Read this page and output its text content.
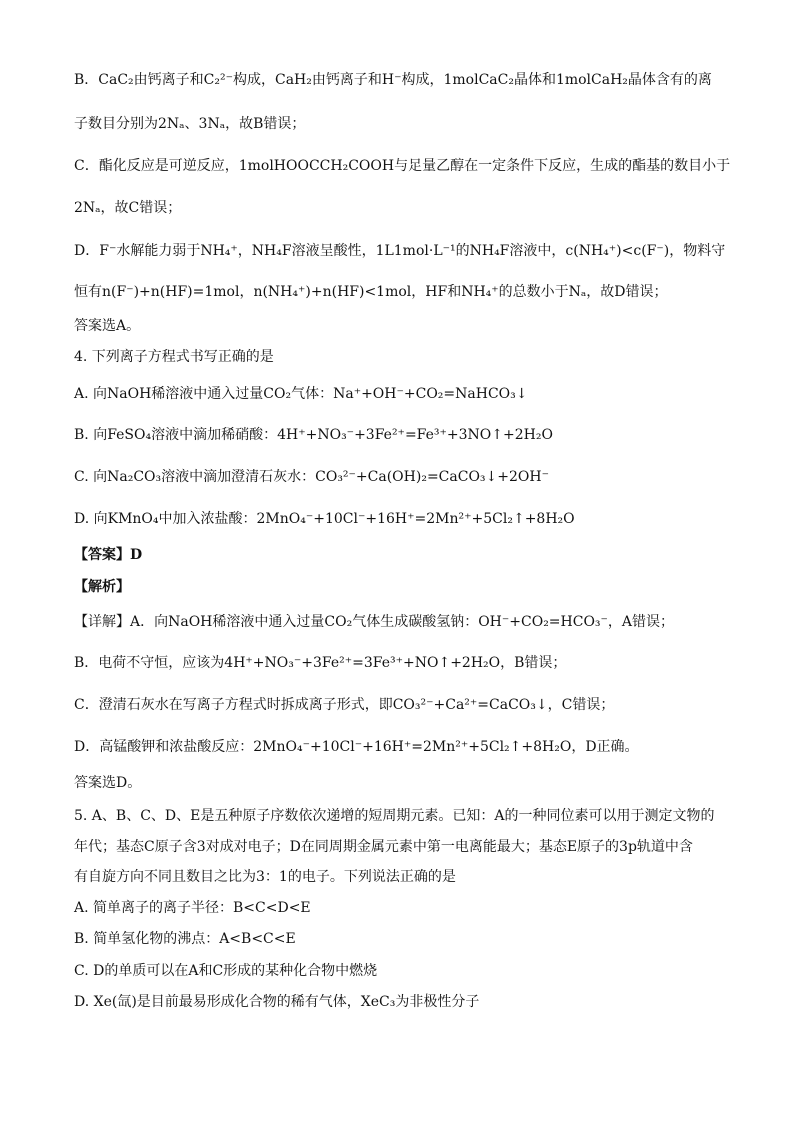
B．CaC₂由钙离子和C₂²⁻构成，CaH₂由钙离子和H⁻构成，1molCaC₂晶体和1molCaH₂晶体含有的离
子数目分别为2Nₐ、3Nₐ，故B错误；
C．酯化反应是可逆反应，1molHOOCCH₂COOH与足量乙醇在一定条件下反应，生成的酯基的数目小于
2Nₐ，故C错误；
D．F⁻水解能力弱于NH₄⁺，NH₄F溶液呈酸性，1L1mol·L⁻¹的NH₄F溶液中，c(NH₄⁺)<c(F⁻)，物料守
恒有n(F⁻)+n(HF)=1mol，n(NH₄⁺)+n(HF)<1mol，HF和NH₄⁺的总数小于Nₐ，故D错误；
答案选A。
4. 下列离子方程式书写正确的是
A. 向NaOH稀溶液中通入过量CO₂气体：Na⁺+OH⁻+CO₂=NaHCO₃↓
B. 向FeSO₄溶液中滴加稀硝酸：4H⁺+NO₃⁻+3Fe²⁺=Fe³⁺+3NO↑+2H₂O
C. 向Na₂CO₃溶液中滴加澄清石灰水：CO₃²⁻+Ca(OH)₂=CaCO₃↓+2OH⁻
D. 向KMnO₄中加入浓盐酸：2MnO₄⁻+10Cl⁻+16H⁺=2Mn²⁺+5Cl₂↑+8H₂O
【答案】D
【解析】
【详解】A．向NaOH稀溶液中通入过量CO₂气体生成碳酸氢钠：OH⁻+CO₂=HCO₃⁻，A错误；
B．电荷不守恒，应该为4H⁺+NO₃⁻+3Fe²⁺=3Fe³⁺+NO↑+2H₂O，B错误；
C．澄清石灰水在写离子方程式时拆成离子形式，即CO₃²⁻+Ca²⁺=CaCO₃↓，C错误；
D．高锰酸钾和浓盐酸反应：2MnO₄⁻+10Cl⁻+16H⁺=2Mn²⁺+5Cl₂↑+8H₂O，D正确。
答案选D。
5. A、B、C、D、E是五种原子序数依次递增的短周期元素。已知：A的一种同位素可以用于测定文物的
年代；基态C原子含3对成对电子；D在同周期金属元素中第一电离能最大；基态E原子的3p轨道中含
有自旋方向不同且数目之比为3：1的电子。下列说法正确的是
A. 简单离子的离子半径：B<C<D<E
B. 简单氢化物的沸点：A<B<C<E
C. D的单质可以在A和C形成的某种化合物中燃烧
D. Xe(氙)是目前最易形成化合物的稀有气体，XeC₃为非极性分子
